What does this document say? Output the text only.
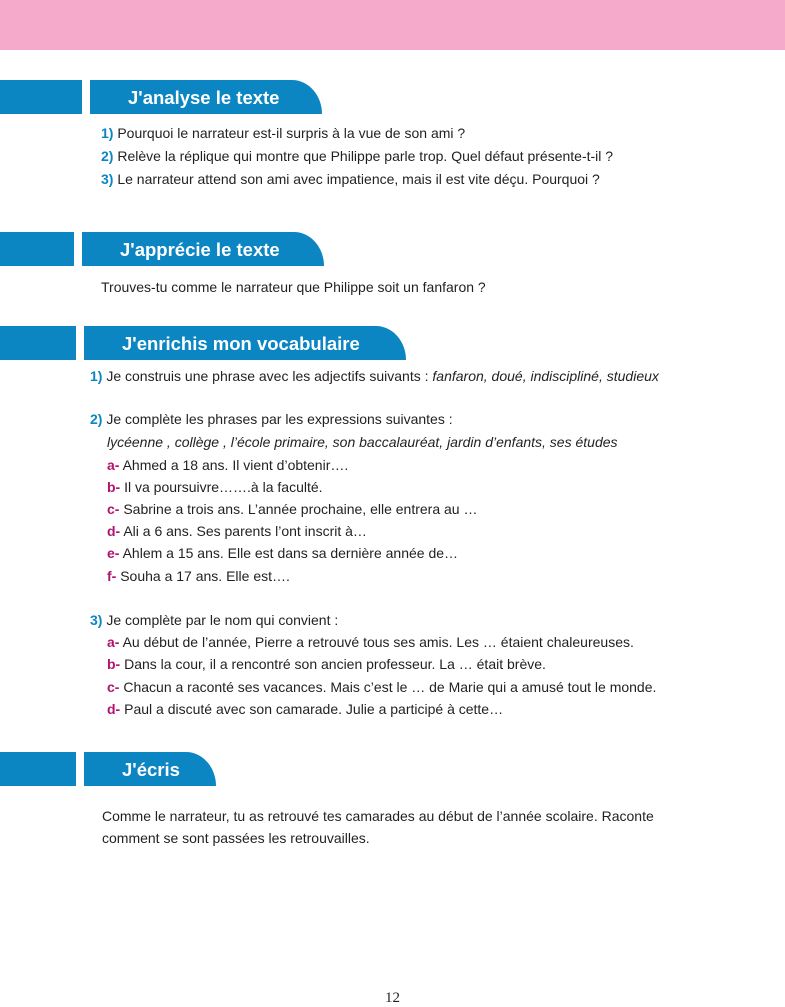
J'analyse le texte
1) Pourquoi le narrateur est-il surpris à la vue de son ami ?
2) Relève la réplique qui montre que Philippe parle trop. Quel défaut présente-t-il ?
3) Le narrateur attend son ami avec impatience, mais il est vite déçu. Pourquoi ?
J'apprécie le texte
Trouves-tu comme le narrateur que Philippe soit un fanfaron ?
J'enrichis mon vocabulaire
1) Je construis une phrase avec les adjectifs suivants : fanfaron, doué, indiscipliné, studieux
2) Je complète les phrases par les expressions suivantes :
lycéenne , collège , l’école primaire, son baccalauréat, jardin d’enfants, ses études
a- Ahmed a 18 ans. Il vient d’obtenir….
b- Il va poursuivre…….à la faculté.
c- Sabrine a trois ans. L’année prochaine, elle entrera au …
d- Ali a 6 ans. Ses parents l’ont inscrit à…
e- Ahlem a 15 ans. Elle est dans sa dernière année de…
f- Souha a 17 ans. Elle est….
3) Je complète par le nom qui convient :
a- Au début de l’année, Pierre a retrouvé tous ses amis. Les … étaient chaleureuses.
b- Dans la cour, il a rencontré son ancien professeur. La … était brève.
c- Chacun a raconté ses vacances. Mais c’est le … de Marie qui a amusé tout le monde.
d- Paul a discuté avec son camarade. Julie a participé à cette…
J'écris
Comme le narrateur, tu as retrouvé tes camarades au début de l’année scolaire. Raconte
comment se sont passées les retrouvailles.
12
